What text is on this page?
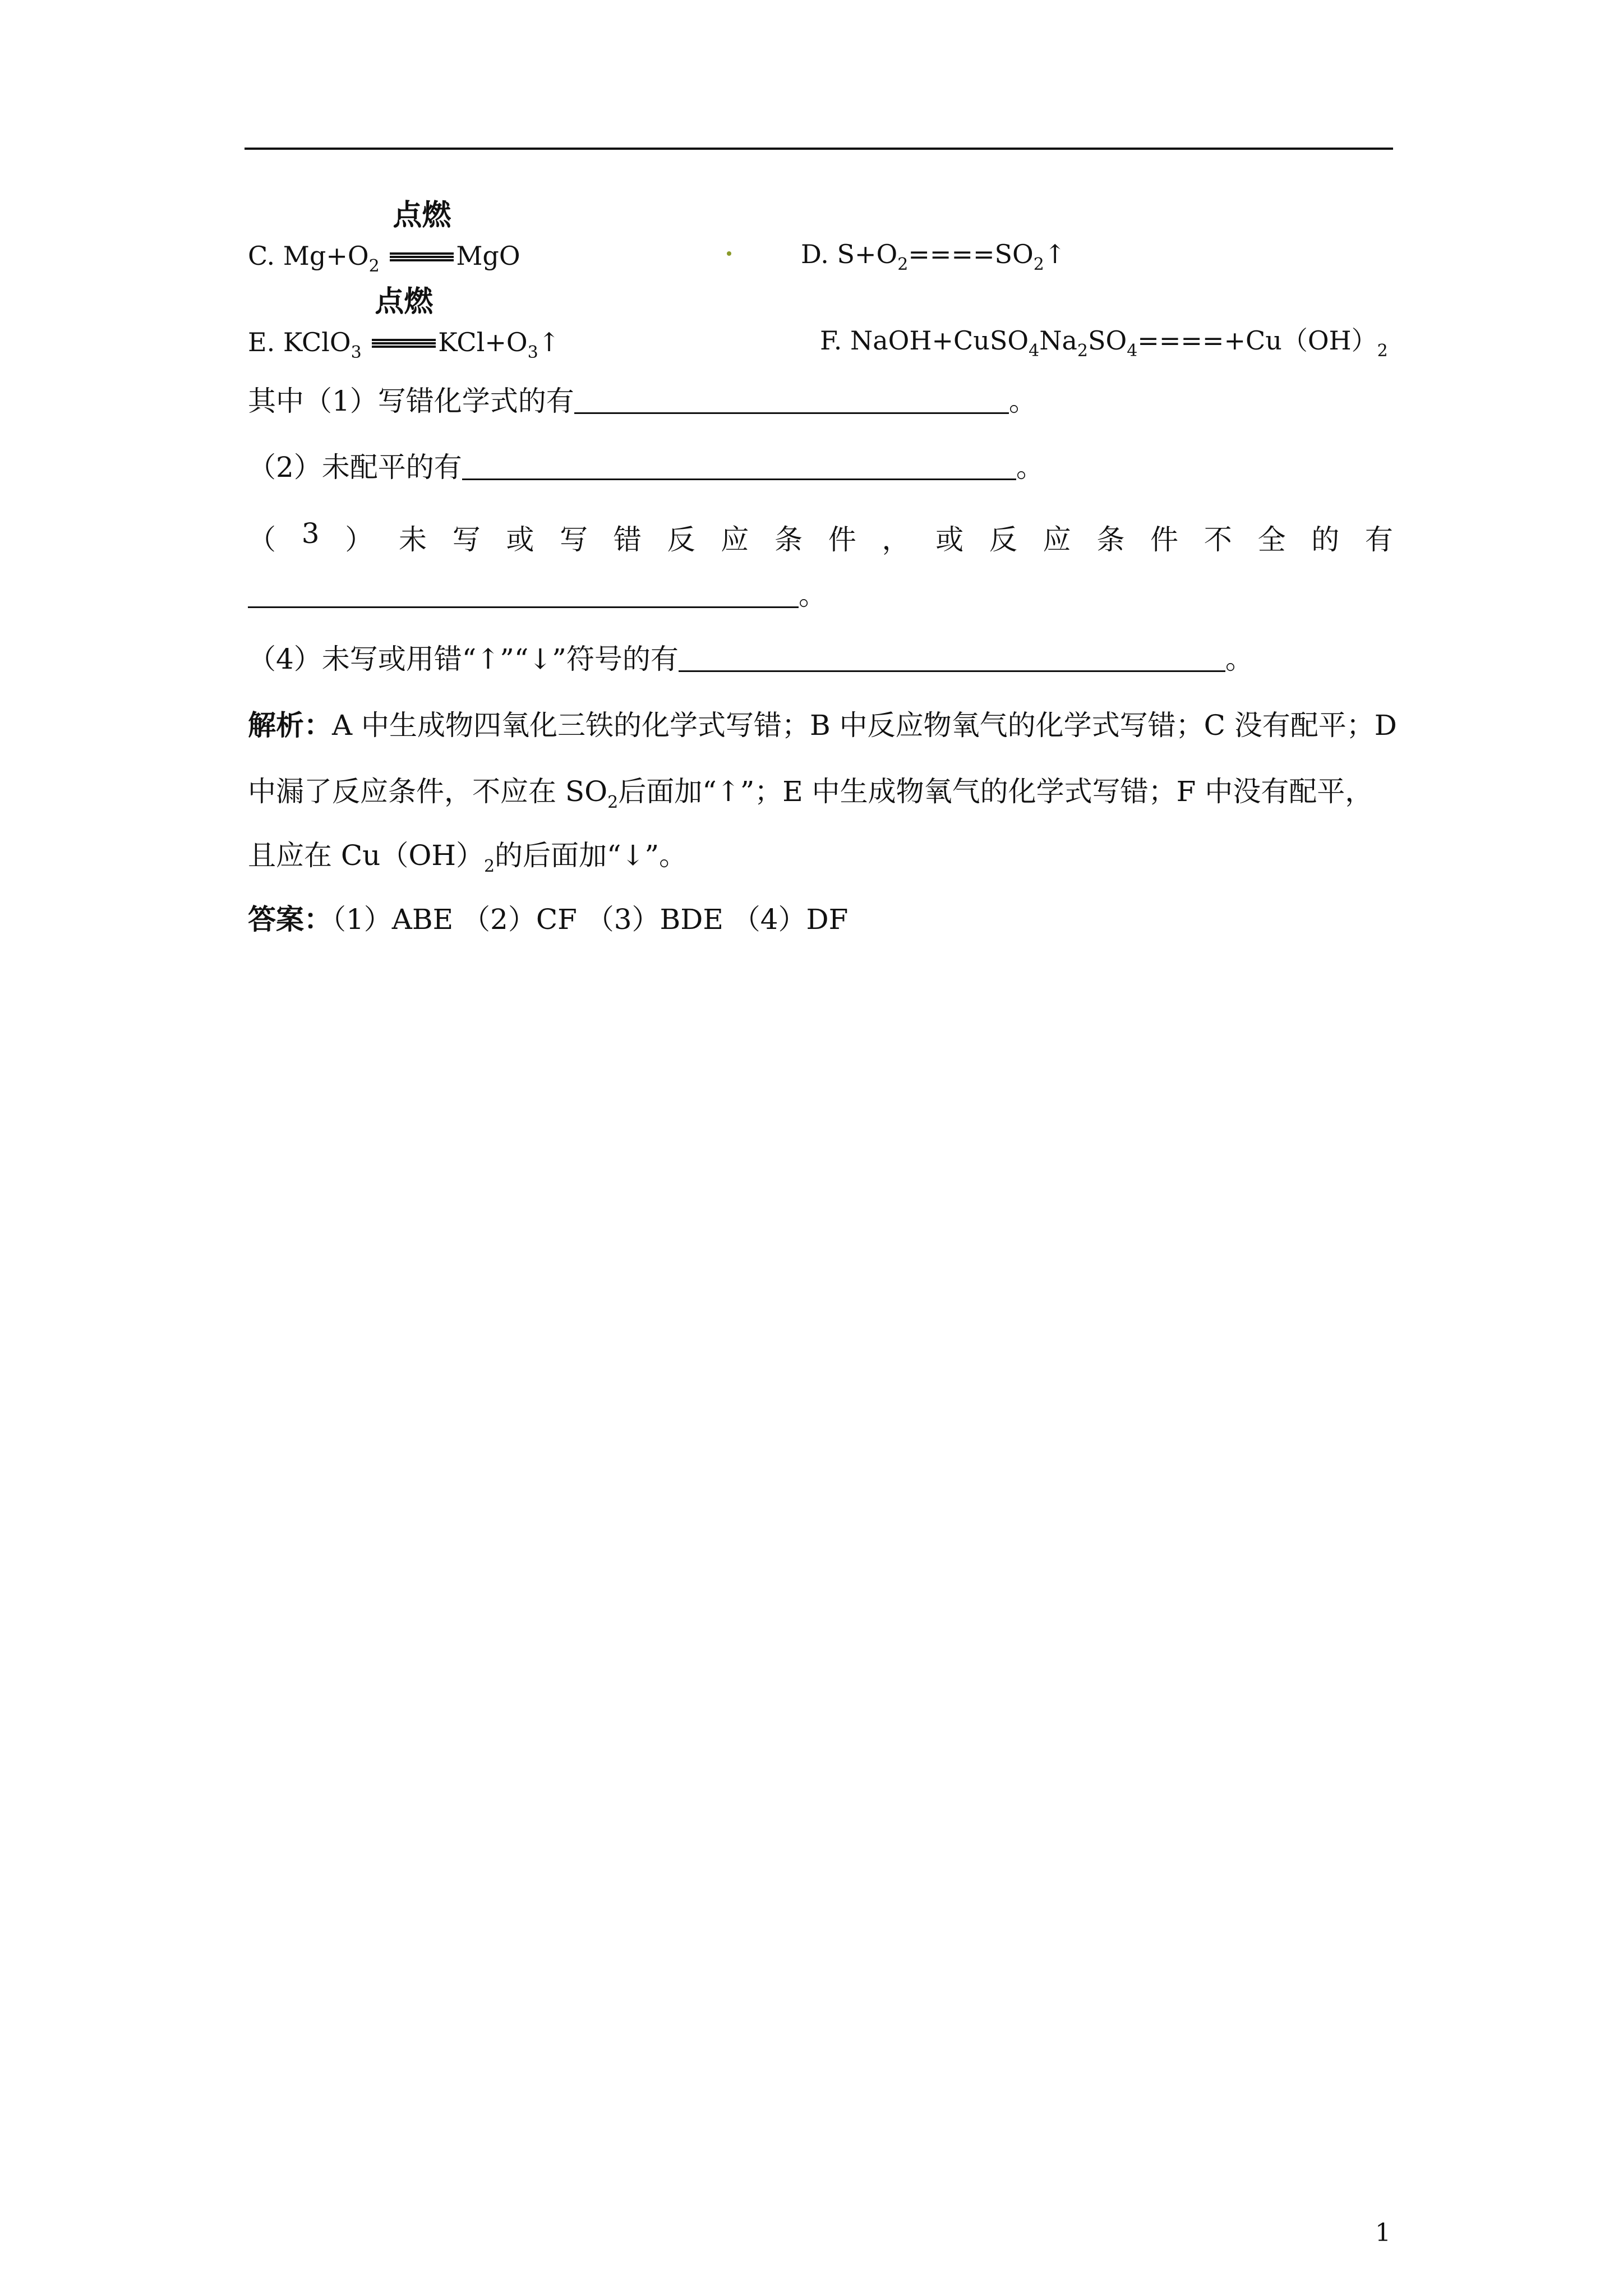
C. $Mg+O_2$
点燃
MgO	D. $S+O_2====SO_2↑$
E. KClO$_3$
点燃
$KCl+O_3↑$	F. $NaOH+CuSO_4Na_2SO_4====+Cu(OH)_2$
其中（1）写错化学式的有	。
（2）未配平的有	。
（ 3 ） 未 写 或 写 错 反 应 条 件 ， 或 反 应 条 件 不 全 的 有
。
（4）未写或用错“↑”“↓”符号的有	。
解析：A 中生成物四氧化三铁的化学式写错；B 中反应物氧气的化学式写错；C 没有配平；D
中漏了反应条件，不应在 $SO_2$后面加“↑”；E 中生成物氧气的化学式写错；F 中没有配平，
且应在 $Cu(OH)_2$的后面加“↓”。
答案：（1）ABE （2）CF （3）BDE （4）DF
1
